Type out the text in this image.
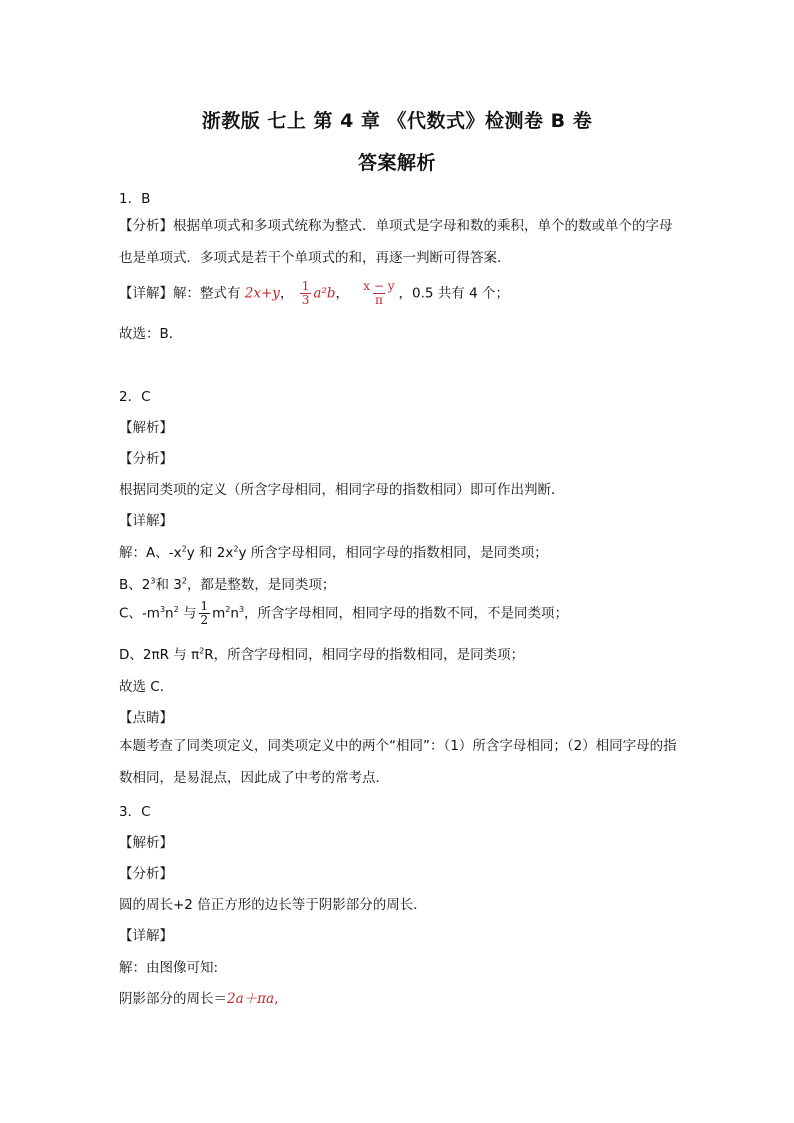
浙教版 七上 第 4 章 《代数式》检测卷 B 卷
答案解析
1．B
【分析】根据单项式和多项式统称为整式．单项式是字母和数的乘积，单个的数或单个的字母也是单项式．多项式是若干个单项式的和，再逐一判断可得答案．
【详解】解：整式有 2x+y， $\frac{1}{3} a^2b$， $\frac{x - y}{\pi}$ ，0.5 共有 4 个；
故选：B．
2．C
【解析】
【分析】
根据同类项的定义（所含字母相同，相同字母的指数相同）即可作出判断．
【详解】
解：A、$-x^2y$ 和 $2x^2y$ 所含字母相同，相同字母的指数相同，是同类项；
B、$2^3$和 $3^2$，都是整数，是同类项；
C、$-m^3n^2$ 与 $\frac{1}{2} m^2n^3$，所含字母相同，相同字母的指数不同，不是同类项；
D、2πR 与 $\pi^2R$，所含字母相同，相同字母的指数相同，是同类项；
故选 C．
【点睛】
本题考查了同类项定义，同类项定义中的两个“相同”：（1）所含字母相同；（2）相同字母的指数相同，是易混点，因此成了中考的常考点．
3．C
【解析】
【分析】
圆的周长+2 倍正方形的边长等于阴影部分的周长．
【详解】
解：由图像可知:
阴影部分的周长＝2a＋πa,
